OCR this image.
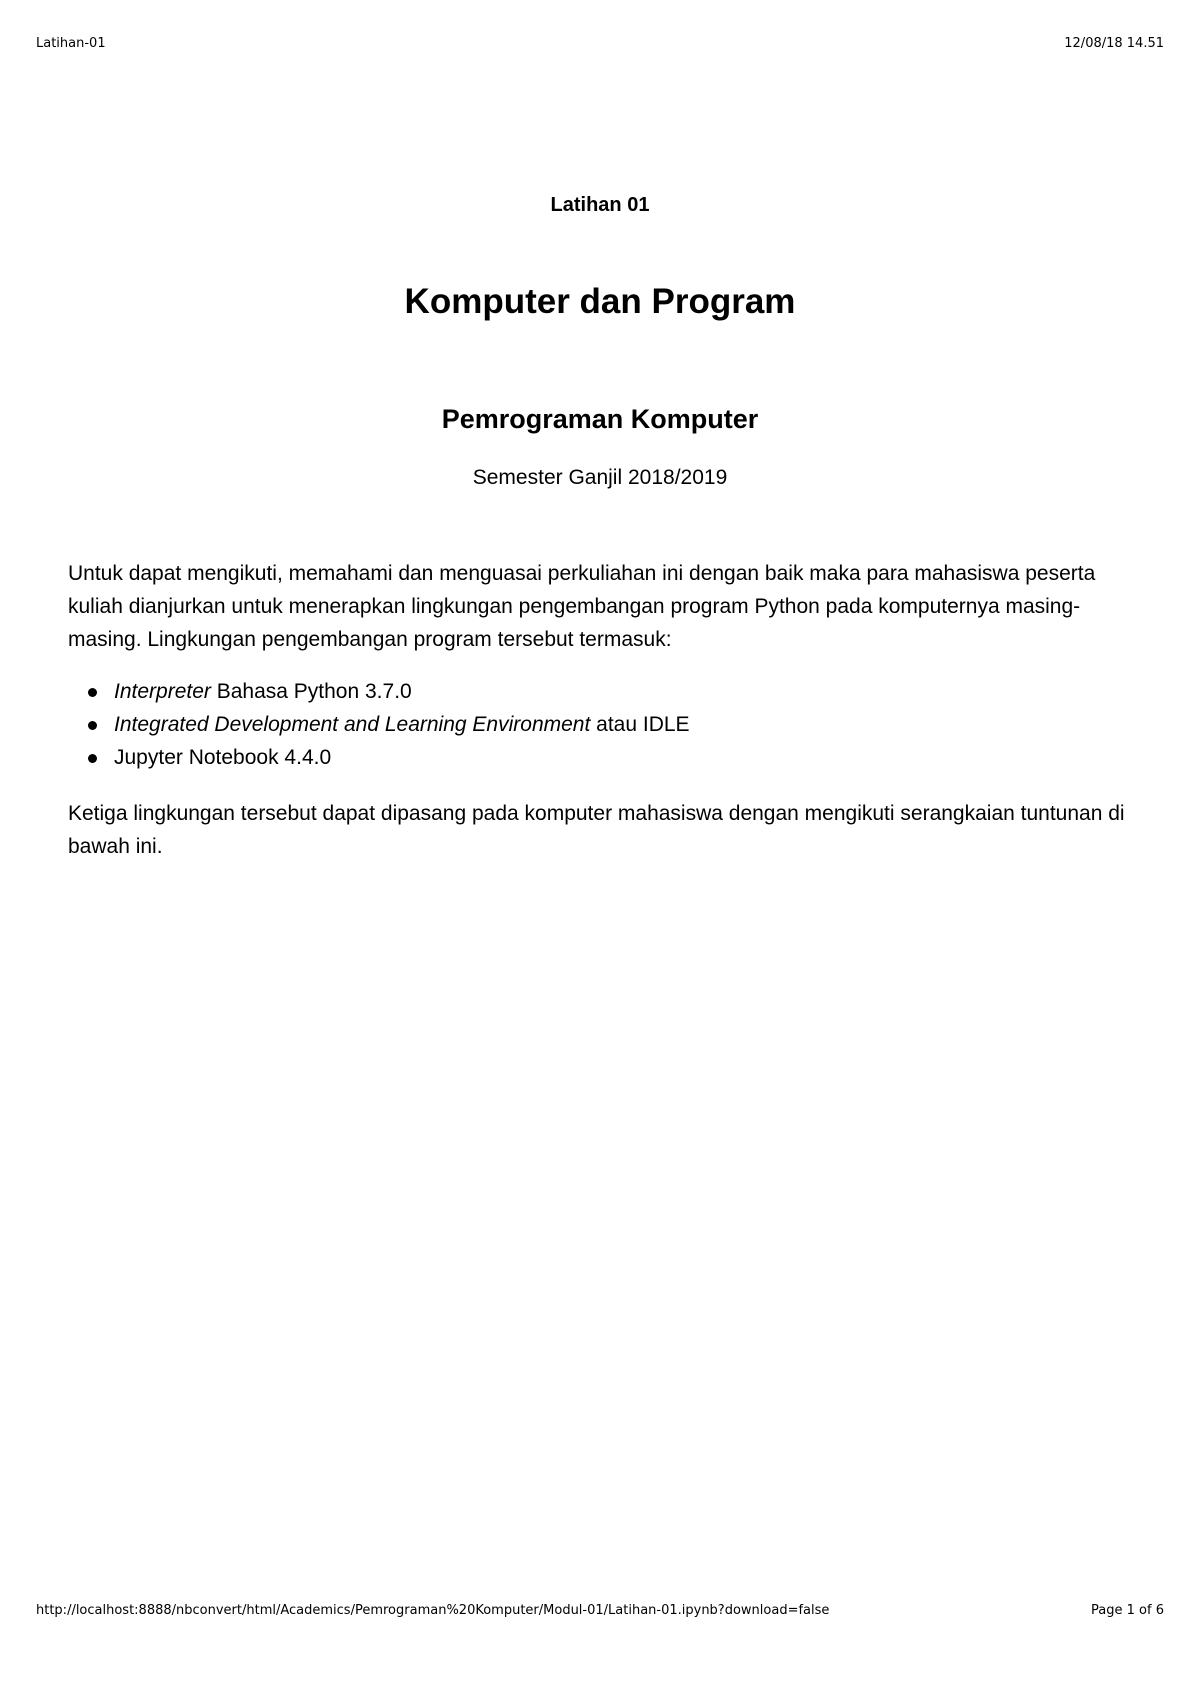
Latihan-01	12/08/18 14.51
Latihan 01
Komputer dan Program
Pemrograman Komputer
Semester Ganjil 2018/2019
Untuk dapat mengikuti, memahami dan menguasai perkuliahan ini dengan baik maka para mahasiswa peserta kuliah dianjurkan untuk menerapkan lingkungan pengembangan program Python pada komputernya masing-masing. Lingkungan pengembangan program tersebut termasuk:
Interpreter Bahasa Python 3.7.0
Integrated Development and Learning Environment atau IDLE
Jupyter Notebook 4.4.0
Ketiga lingkungan tersebut dapat dipasang pada komputer mahasiswa dengan mengikuti serangkaian tuntunan di bawah ini.
http://localhost:8888/nbconvert/html/Academics/Pemrograman%20Komputer/Modul-01/Latihan-01.ipynb?download=false	Page 1 of 6
